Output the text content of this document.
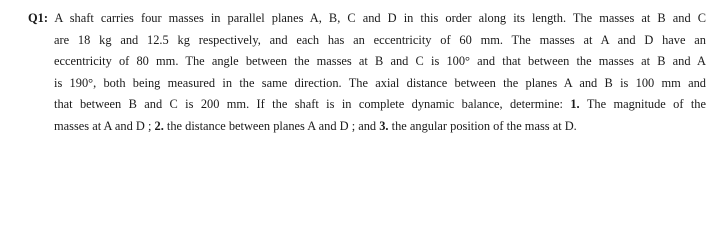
Q1: A shaft carries four masses in parallel planes A, B, C and D in this order along its length. The masses at B and C
are 18 kg and 12.5 kg respectively, and each has an eccentricity of 60 mm. The masses at A and D have an
eccentricity of 80 mm. The angle between the masses at B and C is 100° and that between the masses at B and A
is 190°, both being measured in the same direction. The axial distance between the planes A and B is 100 mm and
that between B and C is 200 mm. If the shaft is in complete dynamic balance, determine: 1. The magnitude of the
masses at A and D ; 2. the distance between planes A and D ; and 3. the angular position of the mass at D.
